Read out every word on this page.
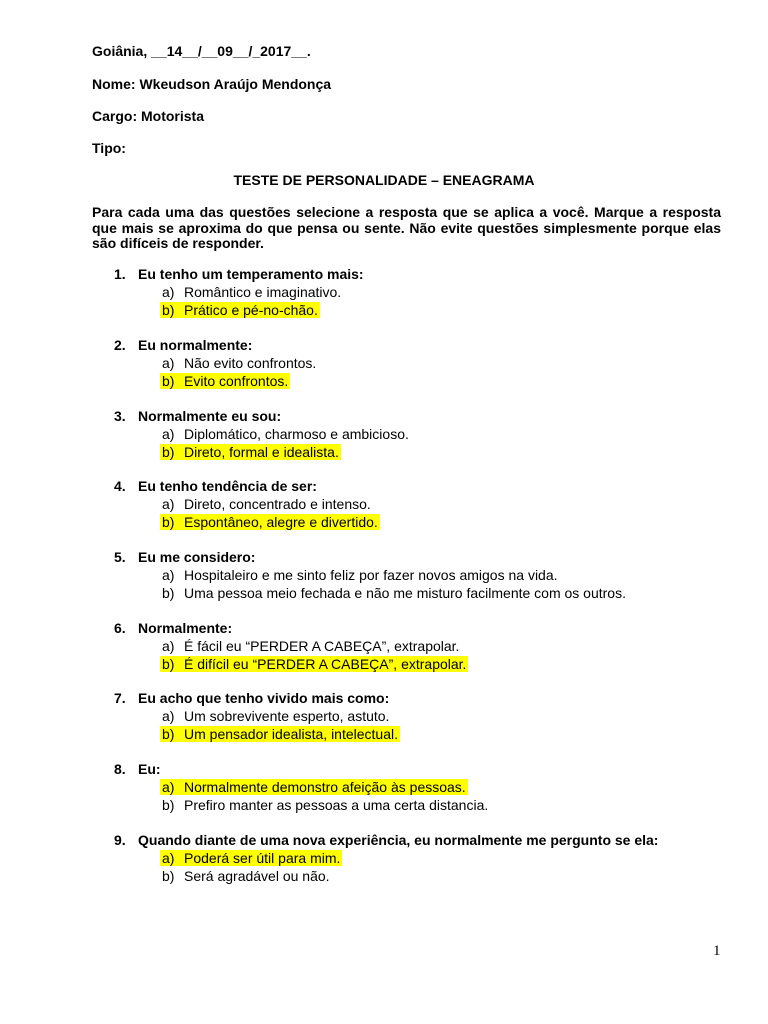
Goiânia, __14__/__09__/_2017__.
Nome: Wkeudson Araújo Mendonça
Cargo: Motorista
Tipo:
TESTE DE PERSONALIDADE – ENEAGRAMA
Para cada uma das questões selecione a resposta que se aplica a você. Marque a resposta que mais se aproxima do que pensa ou sente. Não evite questões simplesmente porque elas são difíceis de responder.
1. Eu tenho um temperamento mais:
a) Romântico e imaginativo.
b) Prático e pé-no-chão.
2. Eu normalmente:
a) Não evito confrontos.
b) Evito confrontos.
3. Normalmente eu sou:
a) Diplomático, charmoso e ambicioso.
b) Direto, formal e idealista.
4. Eu tenho tendência de ser:
a) Direto, concentrado e intenso.
b) Espontâneo, alegre e divertido.
5. Eu me considero:
a) Hospitaleiro e me sinto feliz por fazer novos amigos na vida.
b) Uma pessoa meio fechada e não me misturo facilmente com os outros.
6. Normalmente:
a) É fácil eu “PERDER A CABEÇA”, extrapolar.
b) É difícil eu “PERDER A CABEÇA”, extrapolar.
7. Eu acho que tenho vivido mais como:
a) Um sobrevivente esperto, astuto.
b) Um pensador idealista, intelectual.
8. Eu:
a) Normalmente demonstro afeição às pessoas.
b) Prefiro manter as pessoas a uma certa distancia.
9. Quando diante de uma nova experiência, eu normalmente me pergunto se ela:
a) Poderá ser útil para mim.
b) Será agradável ou não.
1
